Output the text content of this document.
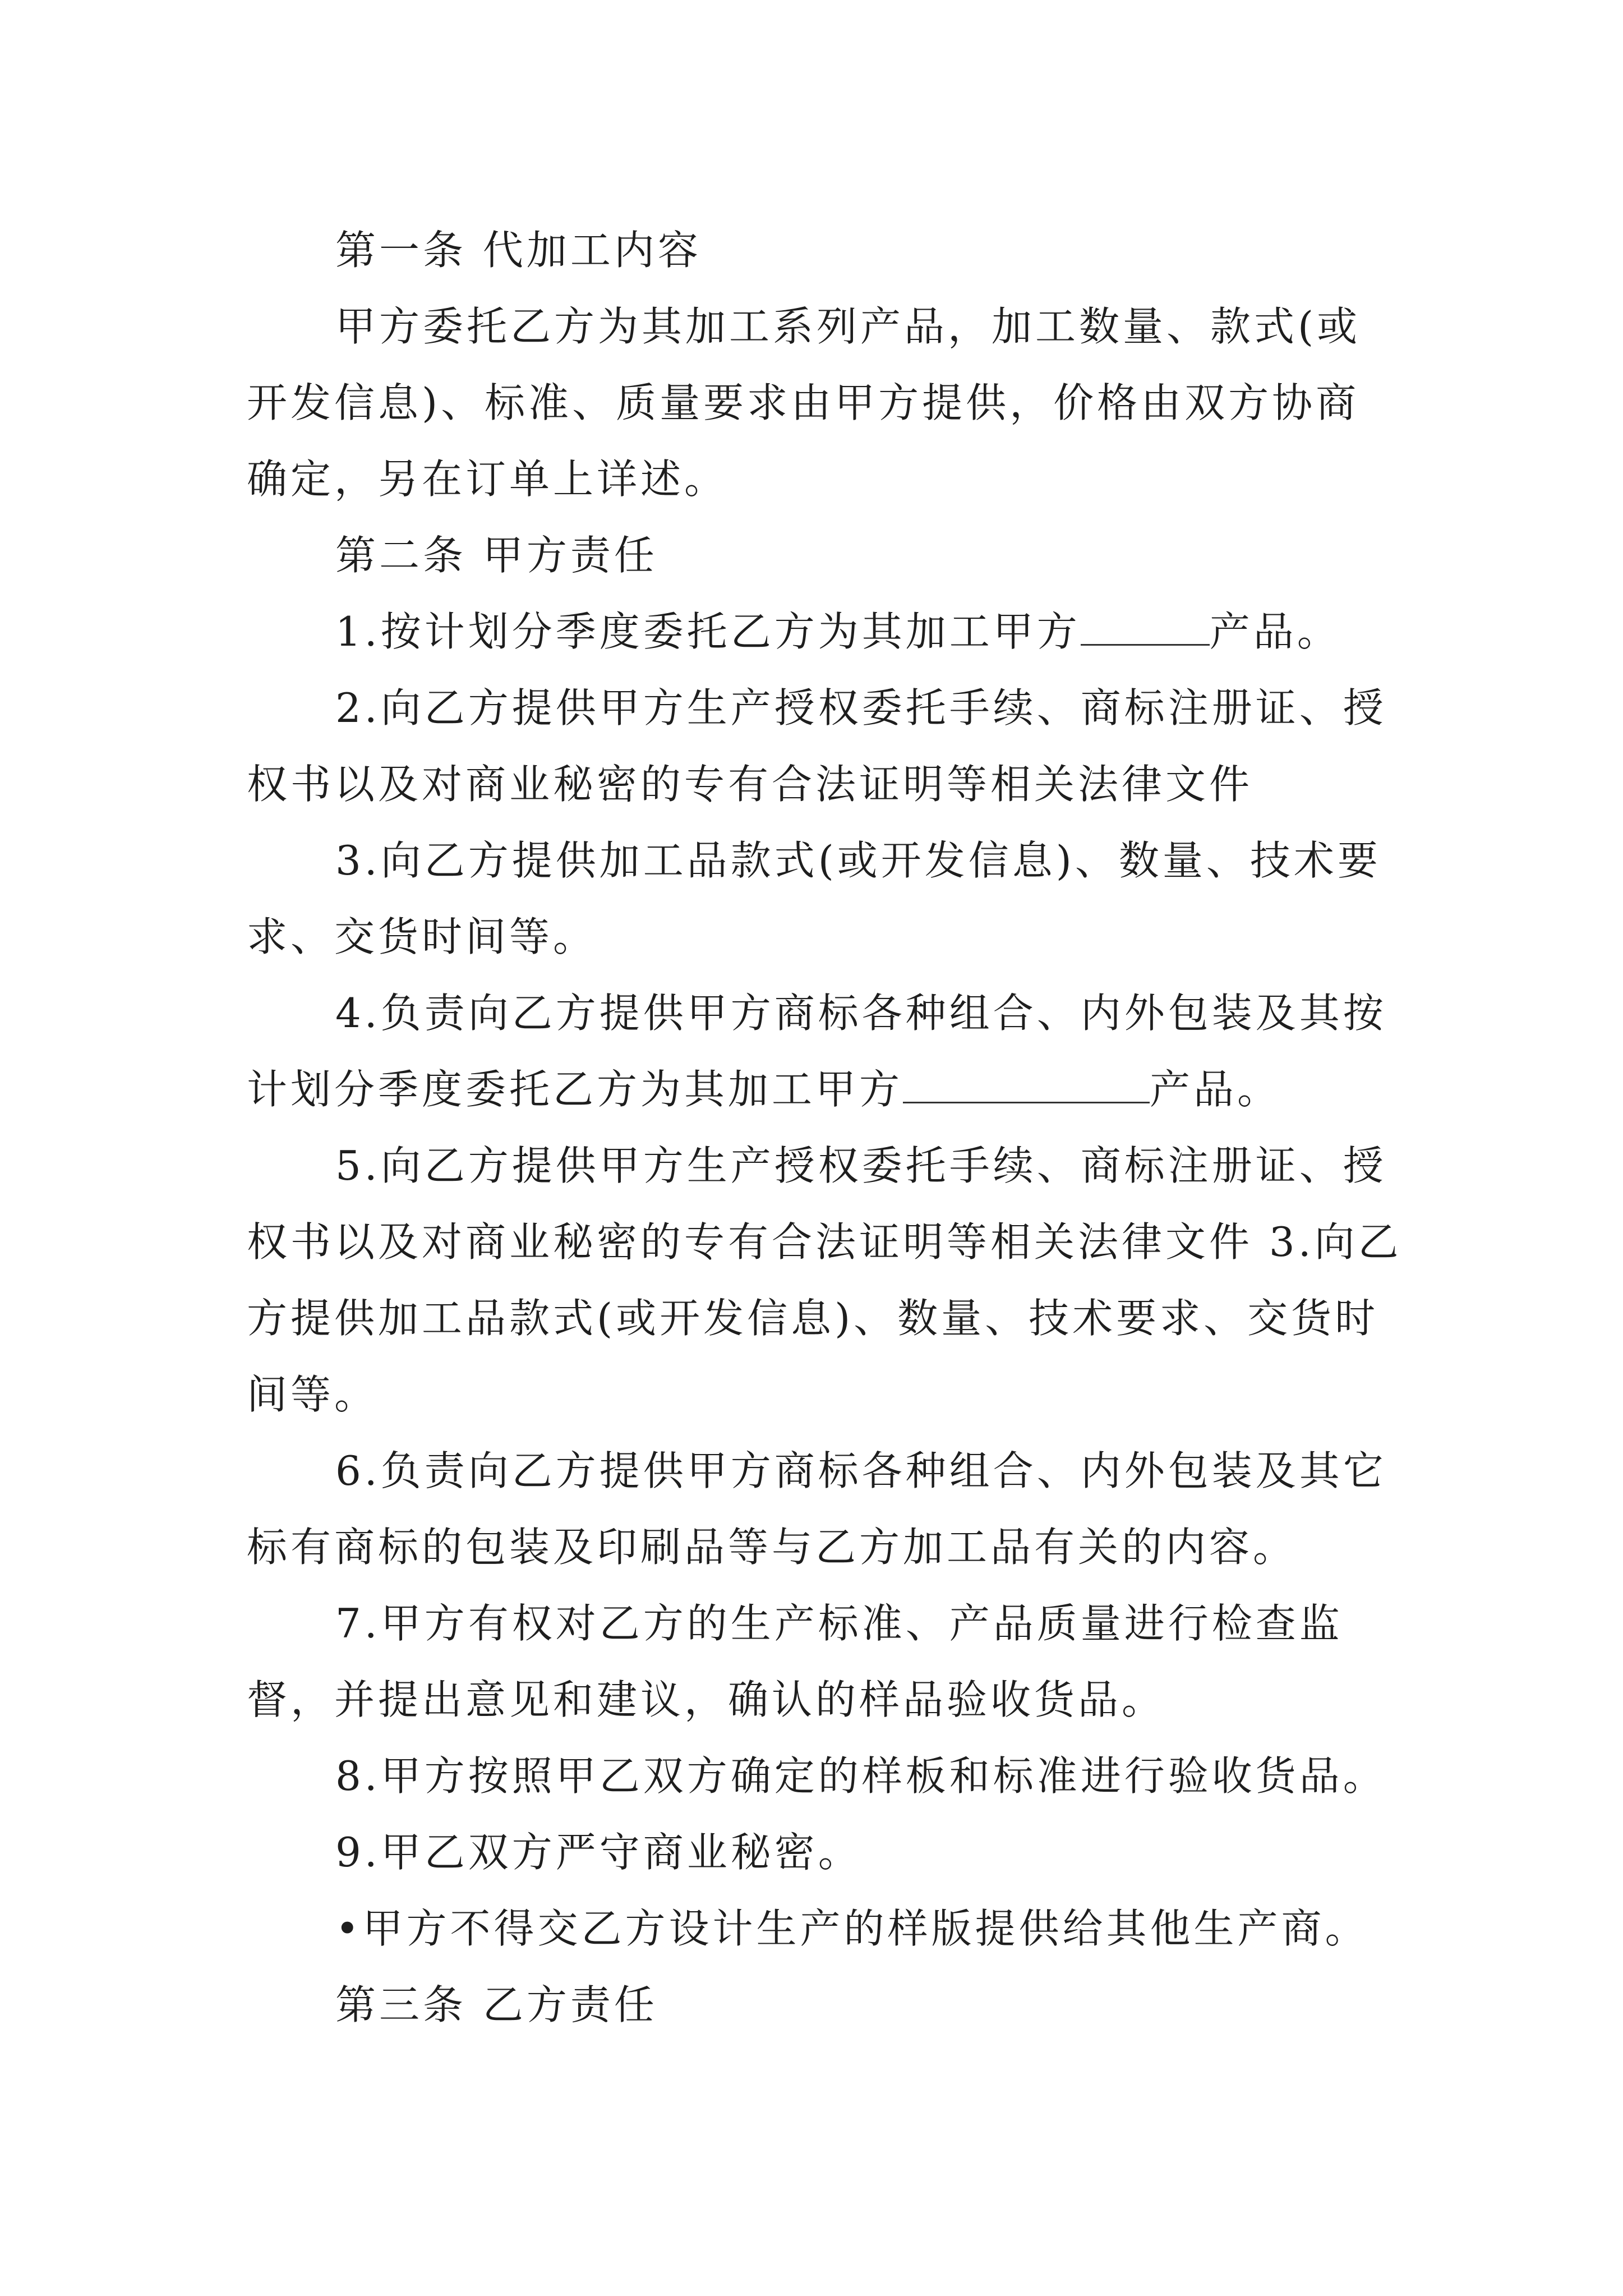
第一条 代加工内容

甲方委托乙方为其加工系列产品，加工数量、款式(或开发信息)、标准、质量要求由甲方提供，价格由双方协商确定，另在订单上详述。

第二条 甲方责任

1.按计划分季度委托乙方为其加工甲方	产品。

2.向乙方提供甲方生产授权委托手续、商标注册证、授权书以及对商业秘密的专有合法证明等相关法律文件

3.向乙方提供加工品款式(或开发信息)、数量、技术要求、交货时间等。

4.负责向乙方提供甲方商标各种组合、内外包装及其按计划分季度委托乙方为其加工甲方	产品。

5.向乙方提供甲方生产授权委托手续、商标注册证、授权书以及对商业秘密的专有合法证明等相关法律文件 3.向乙方提供加工品款式(或开发信息)、数量、技术要求、交货时间等。

6.负责向乙方提供甲方商标各种组合、内外包装及其它标有商标的包装及印刷品等与乙方加工品有关的内容。

7.甲方有权对乙方的生产标准、产品质量进行检查监督，并提出意见和建议，确认的样品验收货品。

8.甲方按照甲乙双方确定的样板和标准进行验收货品。

9.甲乙双方严守商业秘密。

•甲方不得交乙方设计生产的样版提供给其他生产商。

第三条 乙方责任
